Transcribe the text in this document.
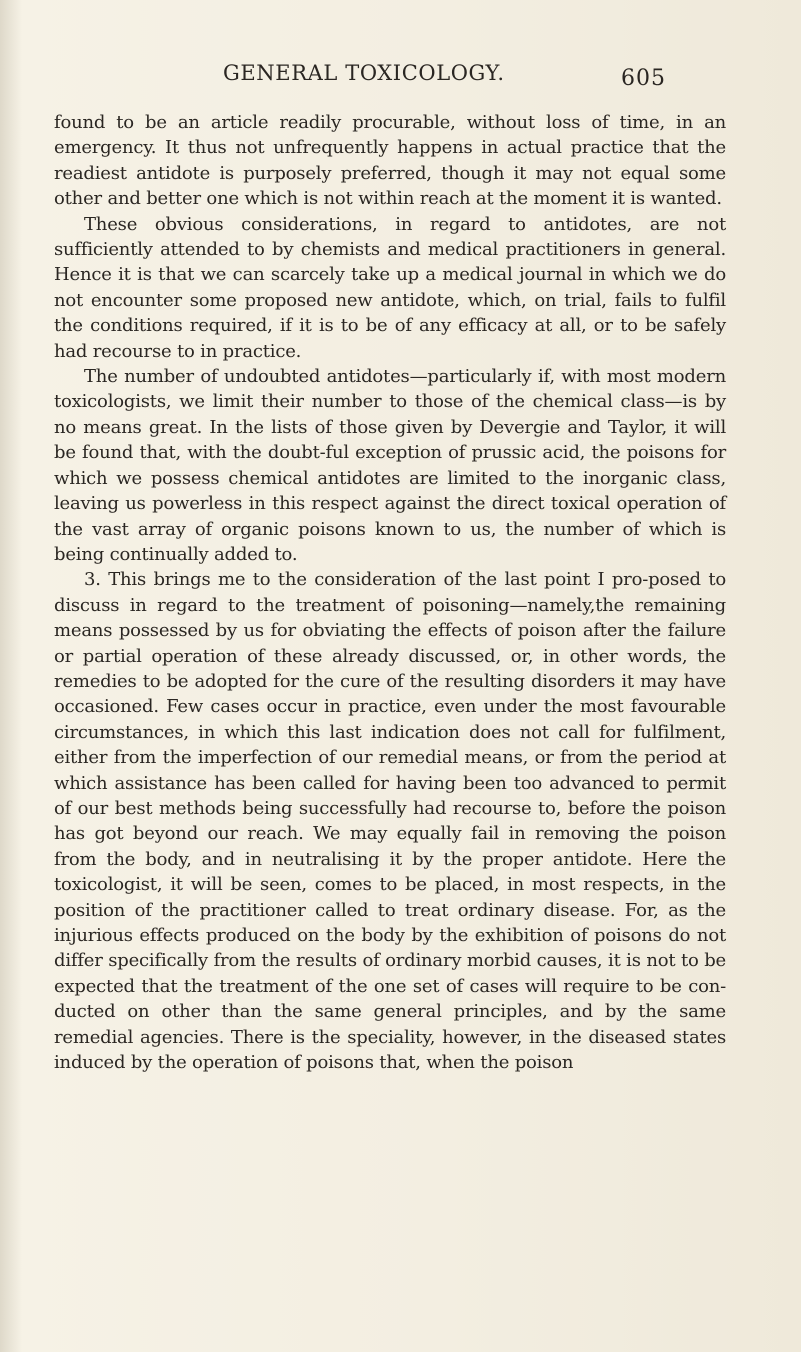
GENERAL TOXICOLOGY.	605

found to be an article readily procurable, without loss of time, in an emergency. It thus not unfrequently happens in actual practice that the readiest antidote is purposely preferred, though it may not equal some other and better one which is not within reach at the moment it is wanted.

These obvious considerations, in regard to antidotes, are not sufficiently attended to by chemists and medical practitioners in general. Hence it is that we can scarcely take up a medical journal in which we do not encounter some proposed new antidote, which, on trial, fails to fulfil the conditions required, if it is to be of any efficacy at all, or to be safely had recourse to in practice.

The number of undoubted antidotes—particularly if, with most modern toxicologists, we limit their number to those of the chemical class—is by no means great. In the lists of those given by Devergie and Taylor, it will be found that, with the doubt-ful exception of prussic acid, the poisons for which we possess chemical antidotes are limited to the inorganic class, leaving us powerless in this respect against the direct toxical operation of the vast array of organic poisons known to us, the number of which is being continually added to.

3. This brings me to the consideration of the last point I pro-posed to discuss in regard to the treatment of poisoning—namely,the remaining means possessed by us for obviating the effects of poison after the failure or partial operation of these already discussed, or, in other words, the remedies to be adopted for the cure of the resulting disorders it may have occasioned. Few cases occur in practice, even under the most favourable circumstances, in which this last indication does not call for fulfilment, either from the imperfection of our remedial means, or from the period at which assistance has been called for having been too advanced to permit of our best methods being successfully had recourse to, before the poison has got beyond our reach. We may equally fail in removing the poison from the body, and in neutralising it by the proper antidote. Here the toxicologist, it will be seen, comes to be placed, in most respects, in the position of the practitioner called to treat ordinary disease. For, as the injurious effects produced on the body by the exhibition of poisons do not differ specifically from the results of ordinary morbid causes, it is not to be expected that the treatment of the one set of cases will require to be con-ducted on other than the same general principles, and by the same remedial agencies. There is the speciality, however, in the diseased states induced by the operation of poisons that, when the poison
